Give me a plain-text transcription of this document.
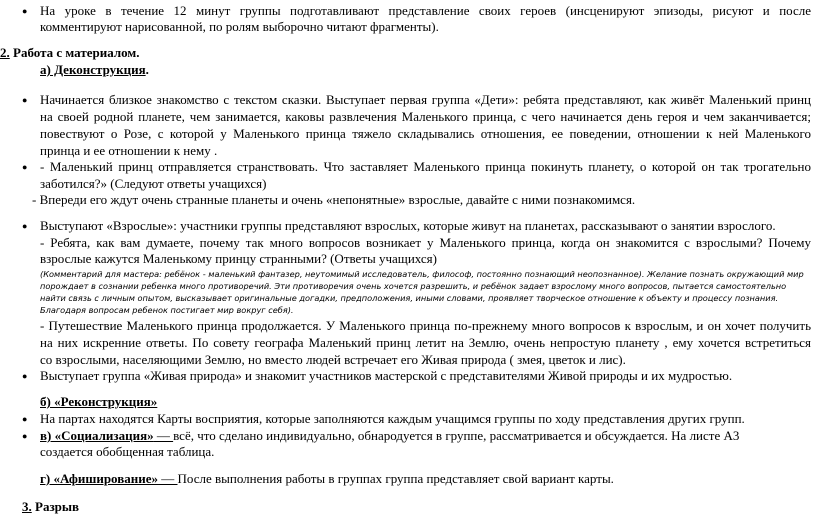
● На уроке в течение 12 минут группы подготавливают представление своих героев (инсценируют эпизоды, рисуют и после
комментируют нарисованной, по ролям выборочно читают фрагменты).
2. Работа с материалом.
а) Деконструкция.
● Начинается близкое знакомство с текстом сказки. Выступает первая группа «Дети»: ребята представляют, как живёт Маленький принц
на своей родной планете, чем занимается, каковы развлечения Маленького принца, с чего начинается день героя и чем заканчивается;
повествуют о Розе, с которой у Маленького принца тяжело складывались отношения, ее поведении, отношении к ней Маленького
принца и ее отношении к нему .
● - Маленький принц отправляется странствовать. Что заставляет Маленького принца покинуть планету, о которой он так трогательно
заботился?» (Следуют ответы учащихся)
- Впереди его ждут очень странные планеты и очень «непонятные» взрослые, давайте с ними познакомимся.
● Выступают «Взрослые»: участники группы представляют взрослых, которые живут на планетах, рассказывают о занятии взрослого.
- Ребята, как вам думаете, почему так много вопросов возникает у Маленького принца, когда он знакомится с взрослыми? Почему
взрослые кажутся Маленькому принцу странными? (Ответы учащихся)
(Комментарий для мастера: ребёнок - маленький фантазер, неутомимый исследователь, философ, постоянно познающий неопознанное). Желание познать окружающий мир
порождает в сознании ребенка много противоречий. Эти противоречия очень хочется разрешить, и ребёнок задает взрослому много вопросов, пытается самостоятельно
найти связь с личным опытом, высказывает оригинальные догадки, предположения, иными словами, проявляет творческое отношение к объекту и процессу познания.
Благодаря вопросам ребенок постигает мир вокруг себя).
- Путешествие Маленького принца продолжается. У Маленького принца по-прежнему много вопросов к взрослым, и он хочет получить
на них искренние ответы. По совету географа Маленький принц летит на Землю, очень непростую планету , ему хочется встретиться
со взрослыми, населяющими Землю, но вместо людей встречает его Живая природа ( змея, цветок и лис).
● Выступает группа «Живая природа» и знакомит участников мастерской с представителями Живой природы и их мудростью.
б) «Реконструкция»
● На партах находятся Карты восприятия, которые заполняются каждым учащимся группы по ходу представления других групп.
● в) «Социализация» — всё, что сделано индивидуально, обнародуется в группе, рассматривается и обсуждается. На листе А3
создается обобщенная таблица.
г) «Афиширование» — После выполнения работы в группах группа представляет свой вариант карты.
3. Разрыв
